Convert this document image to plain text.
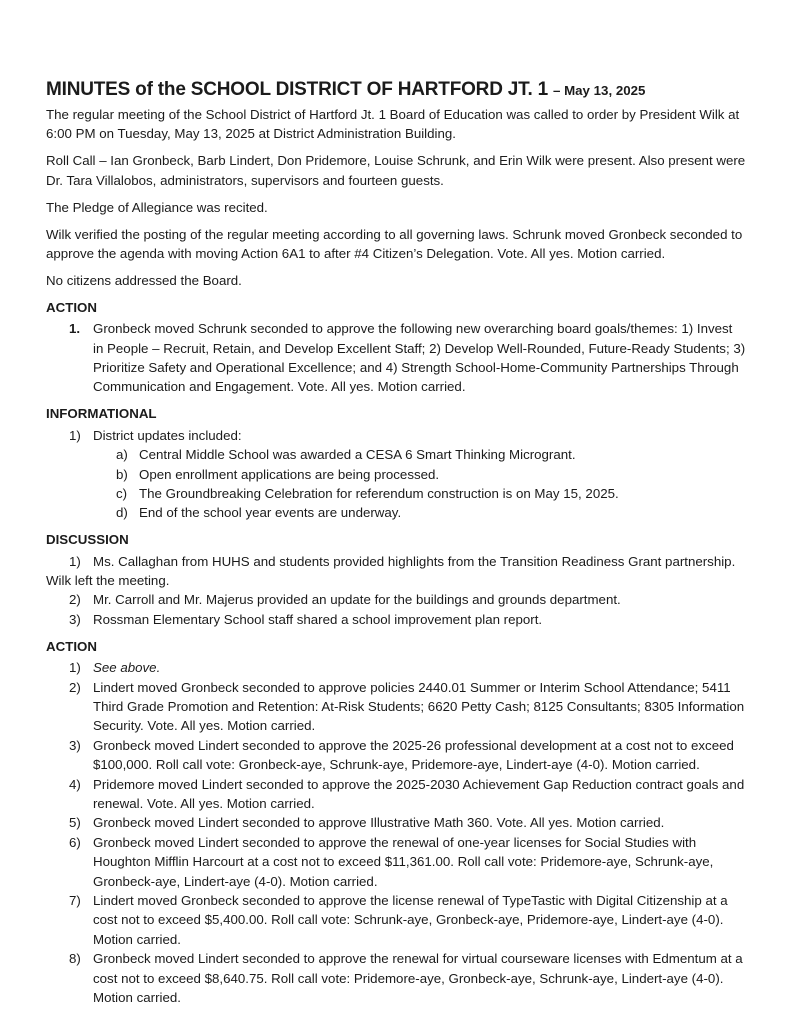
MINUTES of the SCHOOL DISTRICT OF HARTFORD JT. 1 – May 13, 2025
The regular meeting of the School District of Hartford Jt. 1 Board of Education was called to order by President Wilk at 6:00 PM on Tuesday, May 13, 2025 at District Administration Building.
Roll Call – Ian Gronbeck, Barb Lindert, Don Pridemore, Louise Schrunk, and Erin Wilk were present. Also present were Dr. Tara Villalobos, administrators, supervisors and fourteen guests.
The Pledge of Allegiance was recited.
Wilk verified the posting of the regular meeting according to all governing laws. Schrunk moved Gronbeck seconded to approve the agenda with moving Action 6A1 to after #4 Citizen’s Delegation. Vote. All yes. Motion carried.
No citizens addressed the Board.
ACTION
1. Gronbeck moved Schrunk seconded to approve the following new overarching board goals/themes: 1) Invest in People – Recruit, Retain, and Develop Excellent Staff; 2) Develop Well-Rounded, Future-Ready Students; 3) Prioritize Safety and Operational Excellence; and 4) Strength School-Home-Community Partnerships Through Communication and Engagement. Vote. All yes. Motion carried.
INFORMATIONAL
1) District updates included:
a) Central Middle School was awarded a CESA 6 Smart Thinking Microgrant.
b) Open enrollment applications are being processed.
c) The Groundbreaking Celebration for referendum construction is on May 15, 2025.
d) End of the school year events are underway.
DISCUSSION
1) Ms. Callaghan from HUHS and students provided highlights from the Transition Readiness Grant partnership.
Wilk left the meeting.
2) Mr. Carroll and Mr. Majerus provided an update for the buildings and grounds department.
3) Rossman Elementary School staff shared a school improvement plan report.
ACTION
1) See above.
2) Lindert moved Gronbeck seconded to approve policies 2440.01 Summer or Interim School Attendance; 5411 Third Grade Promotion and Retention: At-Risk Students; 6620 Petty Cash; 8125 Consultants; 8305 Information Security. Vote. All yes. Motion carried.
3) Gronbeck moved Lindert seconded to approve the 2025-26 professional development at a cost not to exceed $100,000. Roll call vote: Gronbeck-aye, Schrunk-aye, Pridemore-aye, Lindert-aye (4-0). Motion carried.
4) Pridemore moved Lindert seconded to approve the 2025-2030 Achievement Gap Reduction contract goals and renewal. Vote. All yes. Motion carried.
5) Gronbeck moved Lindert seconded to approve Illustrative Math 360. Vote. All yes. Motion carried.
6) Gronbeck moved Lindert seconded to approve the renewal of one-year licenses for Social Studies with Houghton Mifflin Harcourt at a cost not to exceed $11,361.00. Roll call vote: Pridemore-aye, Schrunk-aye, Gronbeck-aye, Lindert-aye (4-0). Motion carried.
7) Lindert moved Gronbeck seconded to approve the license renewal of TypeTastic with Digital Citizenship at a cost not to exceed $5,400.00. Roll call vote: Schrunk-aye, Gronbeck-aye, Pridemore-aye, Lindert-aye (4-0). Motion carried.
8) Gronbeck moved Lindert seconded to approve the renewal for virtual courseware licenses with Edmentum at a cost not to exceed $8,640.75. Roll call vote: Pridemore-aye, Gronbeck-aye, Schrunk-aye, Lindert-aye (4-0). Motion carried.
